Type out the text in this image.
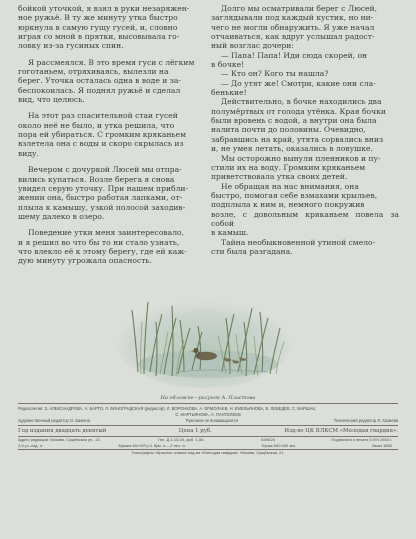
бойкой уточкой, я взял в руки незаряжен-
ное ружьё. В ту же минуту утка быстро
юркнула в самую гущу гусей, и, словно
играя со мной в прятки, высовывала го-
ловку из-за гусиных спин.

Я рассмеялся. В это время гуси с лёгким
гоготаньем, отряхиваясь, вылезли на
берег. Уточка осталась одна в воде и за-
беспокоилась. Я поднял ружьё и сделал
вид, что целюсь.

На этот раз спасительной стаи гусей
около неё не было, и утка решила, что
пора ей убираться. С громким кряканьем
взлетела она с воды и скоро скрылась из
виду.

Вечером с дочуркой Люсей мы отпра-
вились купаться. Возле берега я снова
увидел серую уточку. При нашем прибли-
жении она, быстро работая лапками, от-
плыла к камышу, узкой полосой заходив-
шему далеко в озеро.

Поведение утки меня заинтересовало,
и я решил во что бы то ни стало узнать,
что влекло её к этому берегу, где ей каж-
дую минуту угрожала опасность.

Долго мы осматривали берег с Люсей,
заглядывали под каждый кустик, но ни-
чего не могли обнаружить. Я уже начал
отчаиваться, как вдруг услышал радост-
ный возглас дочери:

— Папа! Папа! Иди сюда скорей, он
в бочке!

— Кто он? Кого ты нашла?

— До утят же! Смотри, какие они сла-
бенькие!

Действительно, в бочке находились два
полумёртвых от голода утёнка. Края бочки
были вровень с водой, а внутри она была
налита почти до половины. Очевидно,
забравшись на край, утята сорвались вниз
и, не умея летать, оказались в ловушке.

Мы осторожно вынули пленников и пу-
стили их на воду. Громким кряканьем
приветствовала утка своих детей.

Не обращая на нас внимания, она
быстро, помогая себе взмахами крыльев,
подплыла к ним и, немного покружив
возле, с довольным кряканьем повела за собой
в камыш.

Тайна необыкновенной утиной смело-
сти была разгадана.

На обложке—рисунок А. Пластова
Редколлегия: З. АЛЕКСАНДРОВА, А. БАРТО, Л. ВИНОГРАДСКАЯ (редактор), Л. ВОРОНКОВА, А. ЕРМОЛАЕВ, Н. ЕМЕЛЬЯНОВА, В. ЛЕБЕДЕВ, С. МАРШАК,
С. МАРТЬЯНОВА, А. ПАНТЕЛЕЕВ
Художественный редактор О. Бажена	Рукописи не возвращаются	Технический редактор Л. Хазиева
Год издания двадцать девятый	Цена 1 руб.	Изд-во ЦК ВЛКСМ «Молодая гвардия».
Адрес редакции: Москва, Сущёвская ул., 21.	Тел. Д 1-15-00, доб. 1-56.	А09026	Подписано к печати 3.VIII 1953 г.
2,8 уч.-изд. л.	Бумага 60×92¹/₈=1 бум. л.—2 печ. л.	Тираж 650 000 экз.	Заказ 1850
Типография «Красное знамя» изд-ва «Молодая гвардия». Москва, Сущёвская, 21.
